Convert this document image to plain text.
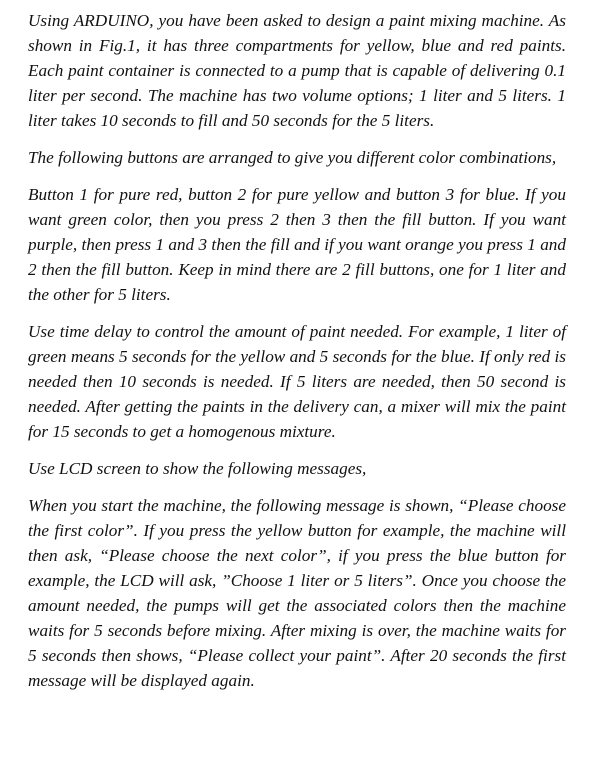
Using ARDUINO, you have been asked to design a paint mixing machine. As shown in Fig.1, it has three compartments for yellow, blue and red paints. Each paint container is connected to a pump that is capable of delivering 0.1 liter per second. The machine has two volume options; 1 liter and 5 liters. 1 liter takes 10 seconds to fill and 50 seconds for the 5 liters.

The following buttons are arranged to give you different color combinations,

Button 1 for pure red, button 2 for pure yellow and button 3 for blue. If you want green color, then you press 2 then 3 then the fill button. If you want purple, then press 1 and 3 then the fill and if you want orange you press 1 and 2 then the fill button. Keep in mind there are 2 fill buttons, one for 1 liter and the other for 5 liters.

Use time delay to control the amount of paint needed. For example, 1 liter of green means 5 seconds for the yellow and 5 seconds for the blue. If only red is needed then 10 seconds is needed. If 5 liters are needed, then 50 second is needed. After getting the paints in the delivery can, a mixer will mix the paint for 15 seconds to get a homogenous mixture.

Use LCD screen to show the following messages,

When you start the machine, the following message is shown, “Please choose the first color”. If you press the yellow button for example, the machine will then ask, “Please choose the next color”, if you press the blue button for example, the LCD will ask, ”Choose 1 liter or 5 liters”. Once you choose the amount needed, the pumps will get the associated colors then the machine waits for 5 seconds before mixing. After mixing is over, the machine waits for 5 seconds then shows, “Please collect your paint”. After 20 seconds the first message will be displayed again.
